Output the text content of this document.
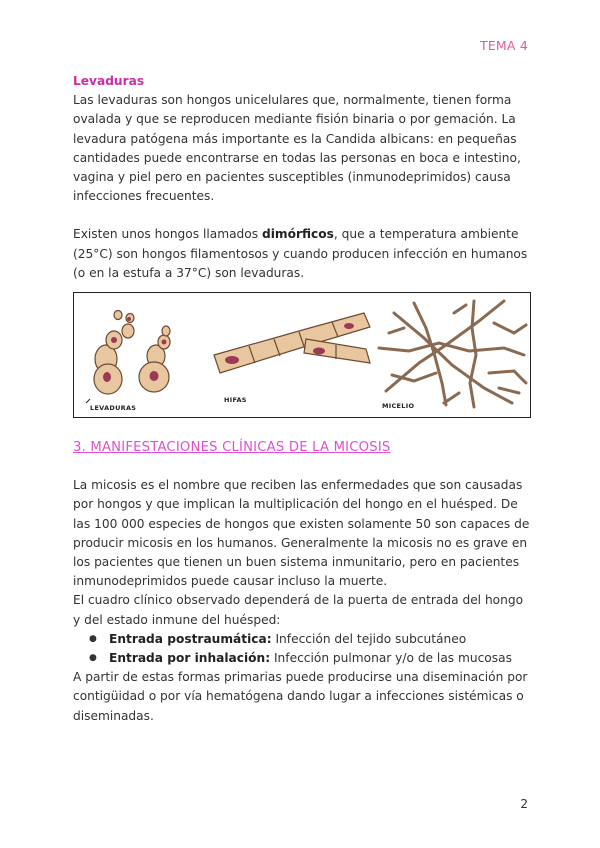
TEMA 4
Levaduras

Las levaduras son hongos unicelulares que, normalmente, tienen forma ovalada y que se reproducen mediante fisión binaria o por gemación. La levadura patógena más importante es la Candida albicans: en pequeñas cantidades puede encontrarse en todas las personas en boca e intestino, vagina y piel pero en pacientes susceptibles (inmunodeprimidos) causa infecciones frecuentes.

Existen unos hongos llamados dimórficos, que a temperatura ambiente (25°C) son hongos filamentosos y cuando producen infección en humanos (o en la estufa a 37°C) son levaduras.

LEVADURAS
HIFAS
MICELIO
3. MANIFESTACIONES CLÍNICAS DE LA MICOSIS

La micosis es el nombre que reciben las enfermedades que son causadas por hongos y que implican la multiplicación del hongo en el huésped. De las 100 000 especies de hongos que existen solamente 50 son capaces de producir micosis en los humanos. Generalmente la micosis no es grave en los pacientes que tienen un buen sistema inmunitario, pero en pacientes inmunodeprimidos puede causar incluso la muerte.

El cuadro clínico observado dependerá de la puerta de entrada del hongo y del estado inmune del huésped:

● Entrada postraumática: Infección del tejido subcutáneo
● Entrada por inhalación: Infección pulmonar y/o de las mucosas

A partir de estas formas primarias puede producirse una diseminación por contigüidad o por vía hematógena dando lugar a infecciones sistémicas o diseminadas.

2
